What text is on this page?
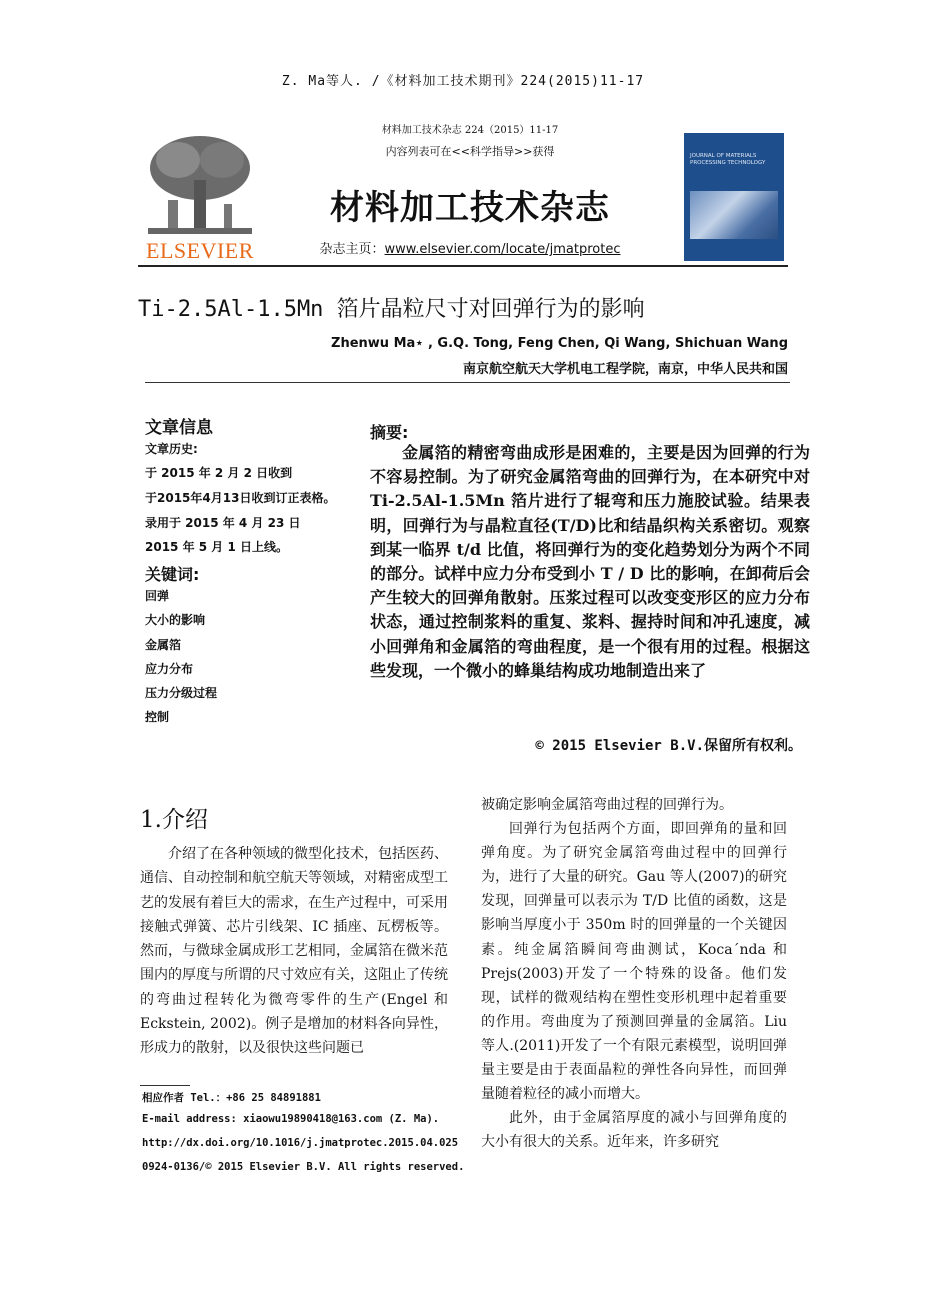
Z. Ma等人. /《材料加工技术期刊》224(2015)11-17
ELSEVIER
材料加工技术杂志 224（2015）11-17
内容列表可在<<科学指导>>获得
材料加工技术杂志
杂志主页：www.elsevier.com/locate/jmatprotec
JOURNAL OF MATERIALS PROCESSING TECHNOLOGY
Ti-2.5Al-1.5Mn 箔片晶粒尺寸对回弹行为的影响
Zhenwu Ma⋆ , G.Q. Tong, Feng Chen, Qi Wang, Shichuan Wang
南京航空航天大学机电工程学院，南京，中华人民共和国
文章信息
文章历史:
于 2015 年 2 月 2 日收到
于2015年4月13日收到订正表格。
录用于 2015 年 4 月 23 日
2015 年 5 月 1 日上线。
关键词:
回弹
大小的影响
金属箔
应力分布
压力分级过程
控制
摘要:
金属箔的精密弯曲成形是困难的，主要是因为回弹的行为不容易控制。为了研究金属箔弯曲的回弹行为，在本研究中对 Ti-2.5Al-1.5Mn 箔片进行了辊弯和压力施胶试验。结果表明，回弹行为与晶粒直径(T/D)比和结晶织构关系密切。观察到某一临界 t/d 比值，将回弹行为的变化趋势划分为两个不同的部分。试样中应力分布受到小 T / D 比的影响，在卸荷后会产生较大的回弹角散射。压浆过程可以改变变形区的应力分布状态，通过控制浆料的重复、浆料、握持时间和冲孔速度，减小回弹角和金属箔的弯曲程度，是一个很有用的过程。根据这些发现，一个微小的蜂巢结构成功地制造出来了
© 2015 Elsevier B.V.保留所有权利。
1.介绍
介绍了在各种领域的微型化技术，包括医药、通信、自动控制和航空航天等领域，对精密成型工艺的发展有着巨大的需求，在生产过程中，可采用接触式弹簧、芯片引线架、IC 插座、瓦楞板等。然而，与微球金属成形工艺相同，金属箔在微米范围内的厚度与所谓的尺寸效应有关，这阻止了传统的弯曲过程转化为微弯零件的生产(Engel 和 Eckstein, 2002)。例子是增加的材料各向异性，形成力的散射，以及很快这些问题已

被确定影响金属箔弯曲过程的回弹行为。

回弹行为包括两个方面，即回弹角的量和回弹角度。为了研究金属箔弯曲过程中的回弹行为，进行了大量的研究。Gau 等人(2007)的研究发现，回弹量可以表示为 T/D 比值的函数，这是影响当厚度小于 350m 时的回弹量的一个关键因素。纯金属箔瞬间弯曲测试，Koca´nda 和 Prejs(2003)开发了一个特殊的设备。他们发现，试样的微观结构在塑性变形机理中起着重要的作用。弯曲度为了预测回弹量的金属箔。Liu 等人.(2011)开发了一个有限元素模型，说明回弹量主要是由于表面晶粒的弹性各向异性，而回弹量随着粒径的减小而增大。

此外，由于金属箔厚度的减小与回弹角度的大小有很大的关系。近年来，许多研究

相应作者 Tel.：+86 25 84891881
E-mail address: xiaowu19890418@163.com (Z. Ma).
http://dx.doi.org/10.1016/j.jmatprotec.2015.04.025
0924-0136/© 2015 Elsevier B.V. All rights reserved.
